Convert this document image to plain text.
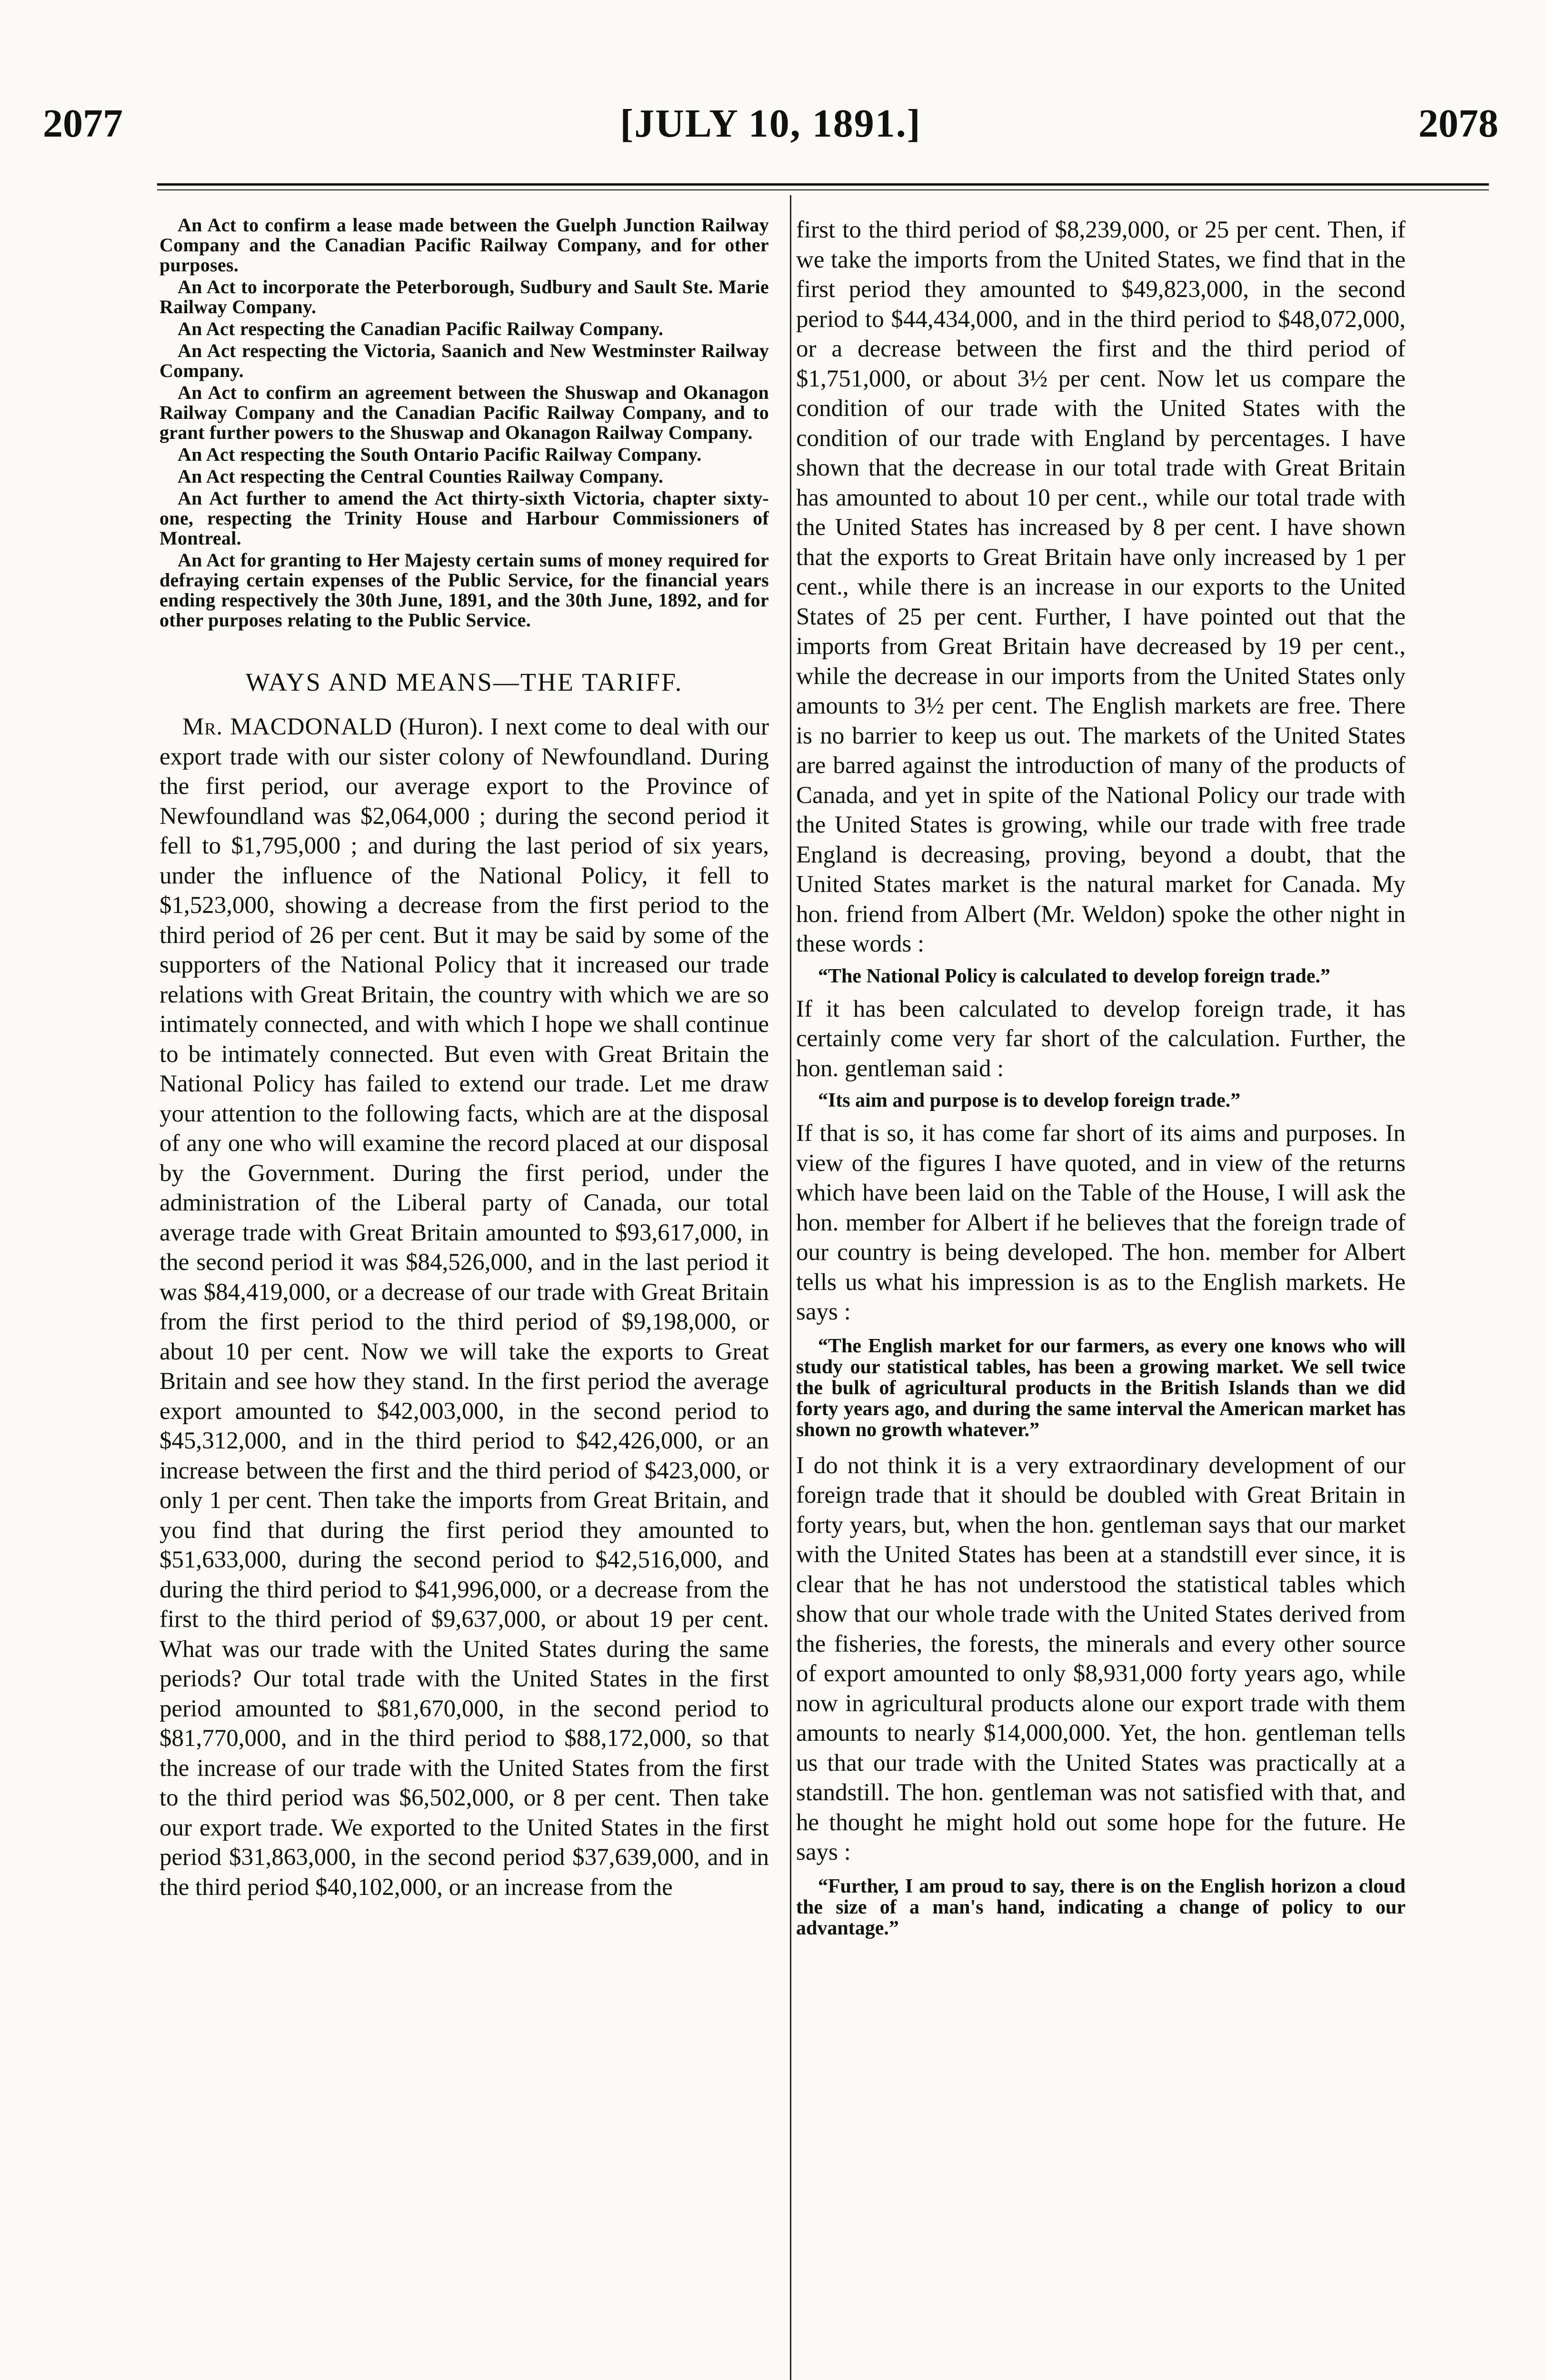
2077	[JULY 10, 1891.]	2078

An Act to confirm a lease made between the Guelph Junction Railway Company and the Canadian Pacific Railway Company, and for other purposes.

An Act to incorporate the Peterborough, Sudbury and Sault Ste. Marie Railway Company.

An Act respecting the Canadian Pacific Railway Company.

An Act respecting the Victoria, Saanich and New Westminster Railway Company.

An Act to confirm an agreement between the Shuswap and Okanagon Railway Company and the Canadian Pacific Railway Company, and to grant further powers to the Shuswap and Okanagon Railway Company.

An Act respecting the South Ontario Pacific Railway Company.

An Act respecting the Central Counties Railway Company.

An Act further to amend the Act thirty-sixth Victoria, chapter sixty-one, respecting the Trinity House and Harbour Commissioners of Montreal.

An Act for granting to Her Majesty certain sums of money required for defraying certain expenses of the Public Service, for the financial years ending respectively the 30th June, 1891, and the 30th June, 1892, and for other purposes relating to the Public Service.

WAYS AND MEANS—THE TARIFF.

Mr. MACDONALD (Huron). I next come to deal with our export trade with our sister colony of Newfoundland. During the first period, our average export to the Province of Newfoundland was $2,064,000 ; during the second period it fell to $1,795,000 ; and during the last period of six years, under the influence of the National Policy, it fell to $1,523,000, showing a decrease from the first period to the third period of 26 per cent. But it may be said by some of the supporters of the National Policy that it increased our trade relations with Great Britain, the country with which we are so intimately connected, and with which I hope we shall continue to be intimately connected. But even with Great Britain the National Policy has failed to extend our trade. Let me draw your attention to the following facts, which are at the disposal of any one who will examine the record placed at our disposal by the Government. During the first period, under the administration of the Liberal party of Canada, our total average trade with Great Britain amounted to $93,617,000, in the second period it was $84,526,000, and in the last period it was $84,419,000, or a decrease of our trade with Great Britain from the first period to the third period of $9,198,000, or about 10 per cent. Now we will take the exports to Great Britain and see how they stand. In the first period the average export amounted to $42,003,000, in the second period to $45,312,000, and in the third period to $42,426,000, or an increase between the first and the third period of $423,000, or only 1 per cent. Then take the imports from Great Britain, and you find that during the first period they amounted to $51,633,000, during the second period to $42,516,000, and during the third period to $41,996,000, or a decrease from the first to the third period of $9,637,000, or about 19 per cent. What was our trade with the United States during the same periods? Our total trade with the United States in the first period amounted to $81,670,000, in the second period to $81,770,000, and in the third period to $88,172,000, so that the increase of our trade with the United States from the first to the third period was $6,502,000, or 8 per cent. Then take our export trade. We exported to the United States in the first period $31,863,000, in the second period $37,639,000, and in the third period $40,102,000, or an increase from the

first to the third period of $8,239,000, or 25 per cent. Then, if we take the imports from the United States, we find that in the first period they amounted to $49,823,000, in the second period to $44,434,000, and in the third period to $48,072,000, or a decrease between the first and the third period of $1,751,000, or about 3½ per cent. Now let us compare the condition of our trade with the United States with the condition of our trade with England by percentages. I have shown that the decrease in our total trade with Great Britain has amounted to about 10 per cent., while our total trade with the United States has increased by 8 per cent. I have shown that the exports to Great Britain have only increased by 1 per cent., while there is an increase in our exports to the United States of 25 per cent. Further, I have pointed out that the imports from Great Britain have decreased by 19 per cent., while the decrease in our imports from the United States only amounts to 3½ per cent. The English markets are free. There is no barrier to keep us out. The markets of the United States are barred against the introduction of many of the products of Canada, and yet in spite of the National Policy our trade with the United States is growing, while our trade with free trade England is decreasing, proving, beyond a doubt, that the United States market is the natural market for Canada. My hon. friend from Albert (Mr. Weldon) spoke the other night in these words :

“The National Policy is calculated to develop foreign trade.”

If it has been calculated to develop foreign trade, it has certainly come very far short of the calculation. Further, the hon. gentleman said :

“Its aim and purpose is to develop foreign trade.”

If that is so, it has come far short of its aims and purposes. In view of the figures I have quoted, and in view of the returns which have been laid on the Table of the House, I will ask the hon. member for Albert if he believes that the foreign trade of our country is being developed. The hon. member for Albert tells us what his impression is as to the English markets. He says :

“The English market for our farmers, as every one knows who will study our statistical tables, has been a growing market. We sell twice the bulk of agricultural products in the British Islands than we did forty years ago, and during the same interval the American market has shown no growth whatever.”

I do not think it is a very extraordinary development of our foreign trade that it should be doubled with Great Britain in forty years, but, when the hon. gentleman says that our market with the United States has been at a standstill ever since, it is clear that he has not understood the statistical tables which show that our whole trade with the United States derived from the fisheries, the forests, the minerals and every other source of export amounted to only $8,931,000 forty years ago, while now in agricultural products alone our export trade with them amounts to nearly $14,000,000. Yet, the hon. gentleman tells us that our trade with the United States was practically at a standstill. The hon. gentleman was not satisfied with that, and he thought he might hold out some hope for the future. He says :

“Further, I am proud to say, there is on the English horizon a cloud the size of a man's hand, indicating a change of policy to our advantage.”
